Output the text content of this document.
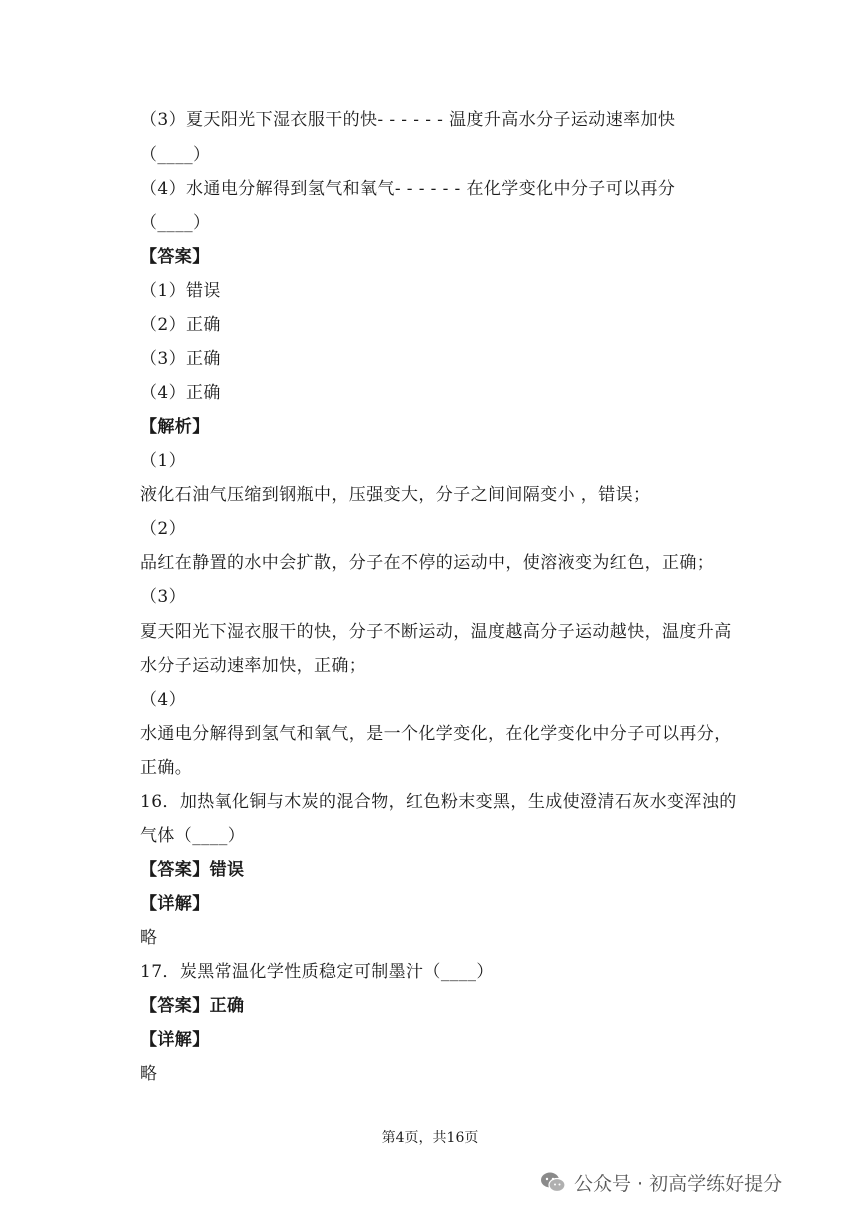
（3）夏天阳光下湿衣服干的快- - - - - - 温度升高水分子运动速率加快
（____）
（4）水通电分解得到氢气和氧气- - - - - - 在化学变化中分子可以再分
（____）
【答案】
（1）错误
（2）正确
（3）正确
（4）正确
【解析】
（1）
液化石油气压缩到钢瓶中，压强变大，分子之间间隔变小 ，错误；
（2）
品红在静置的水中会扩散，分子在不停的运动中，使溶液变为红色，正确；
（3）
夏天阳光下湿衣服干的快，分子不断运动，温度越高分子运动越快，温度升高
水分子运动速率加快，正确；
（4）
水通电分解得到氢气和氧气，是一个化学变化，在化学变化中分子可以再分，
正确。
16．加热氧化铜与木炭的混合物，红色粉末变黑，生成使澄清石灰水变浑浊的
气体（____）
【答案】错误
【详解】
略
17．炭黑常温化学性质稳定可制墨汁（____）
【答案】正确
【详解】
略
第4页，共16页
公众号 · 初高学练好提分
